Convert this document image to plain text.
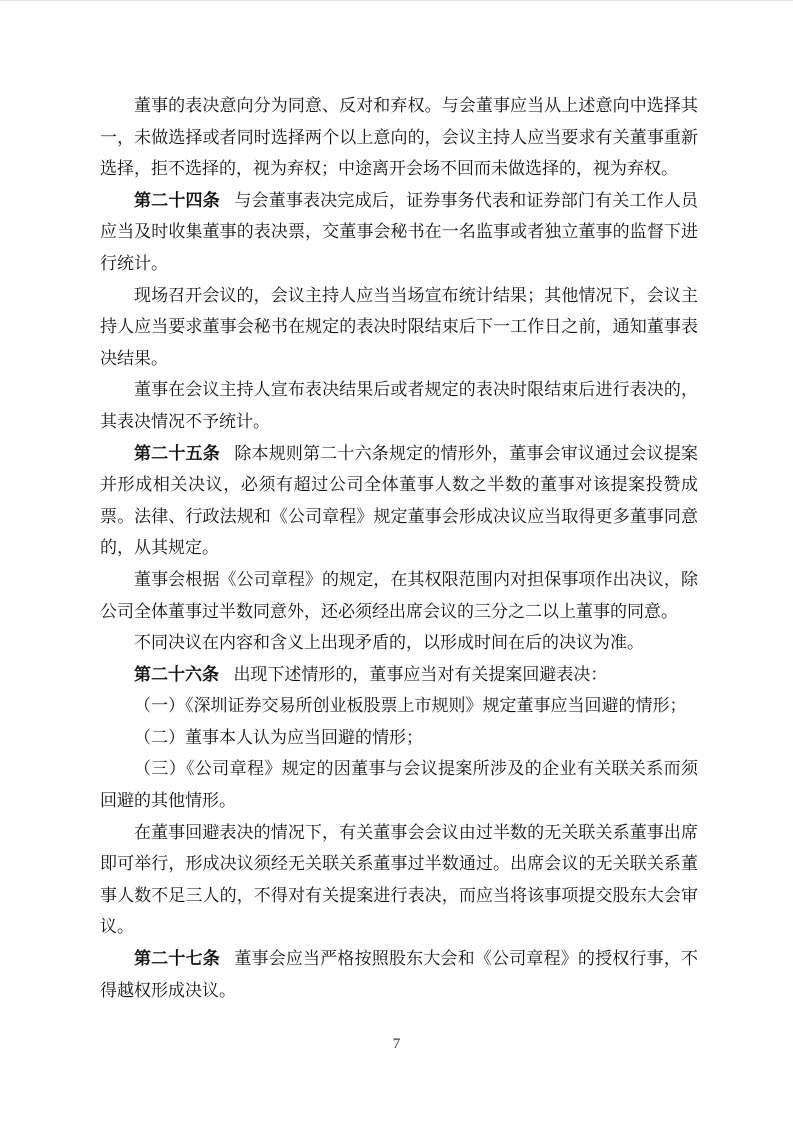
董事的表决意向分为同意、反对和弃权。与会董事应当从上述意向中选择其一，未做选择或者同时选择两个以上意向的，会议主持人应当要求有关董事重新选择，拒不选择的，视为弃权；中途离开会场不回而未做选择的，视为弃权。

第二十四条 与会董事表决完成后，证券事务代表和证券部门有关工作人员应当及时收集董事的表决票，交董事会秘书在一名监事或者独立董事的监督下进行统计。

现场召开会议的，会议主持人应当当场宣布统计结果；其他情况下，会议主持人应当要求董事会秘书在规定的表决时限结束后下一工作日之前，通知董事表决结果。

董事在会议主持人宣布表决结果后或者规定的表决时限结束后进行表决的，其表决情况不予统计。

第二十五条 除本规则第二十六条规定的情形外，董事会审议通过会议提案并形成相关决议，必须有超过公司全体董事人数之半数的董事对该提案投赞成票。法律、行政法规和《公司章程》规定董事会形成决议应当取得更多董事同意的，从其规定。

董事会根据《公司章程》的规定，在其权限范围内对担保事项作出决议，除公司全体董事过半数同意外，还必须经出席会议的三分之二以上董事的同意。

不同决议在内容和含义上出现矛盾的，以形成时间在后的决议为准。

第二十六条 出现下述情形的，董事应当对有关提案回避表决：

（一）《深圳证券交易所创业板股票上市规则》规定董事应当回避的情形；

（二）董事本人认为应当回避的情形；

（三）《公司章程》规定的因董事与会议提案所涉及的企业有关联关系而须回避的其他情形。

在董事回避表决的情况下，有关董事会会议由过半数的无关联关系董事出席即可举行，形成决议须经无关联关系董事过半数通过。出席会议的无关联关系董事人数不足三人的，不得对有关提案进行表决，而应当将该事项提交股东大会审议。

第二十七条 董事会应当严格按照股东大会和《公司章程》的授权行事，不得越权形成决议。

7
